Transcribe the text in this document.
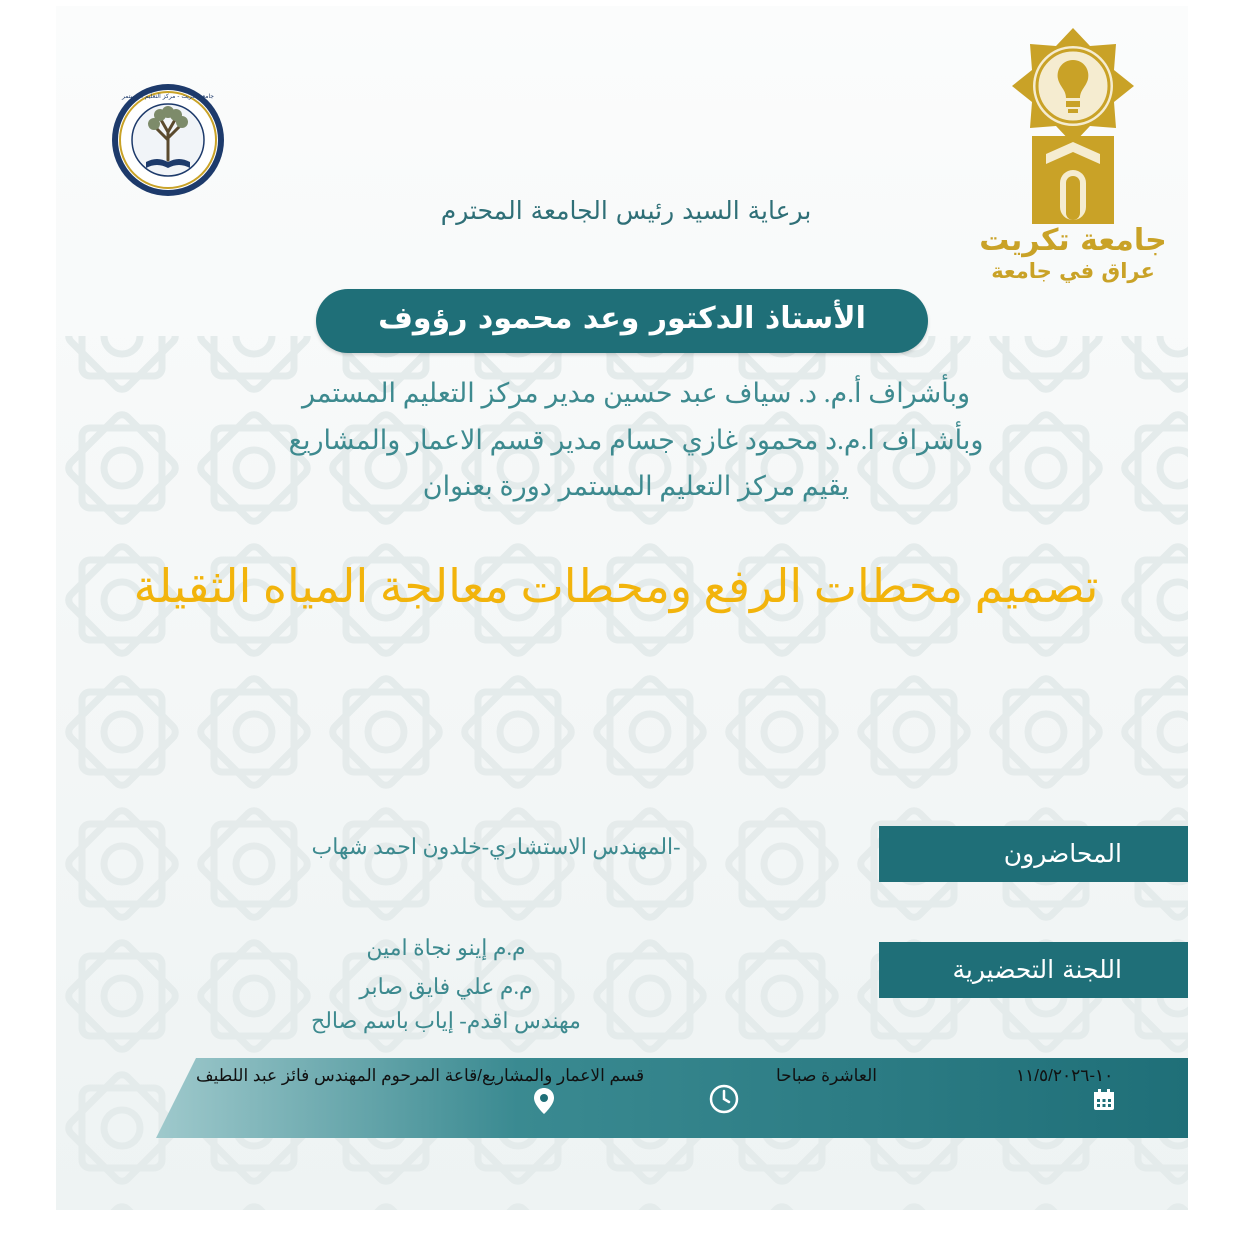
جامعة تكريت
عراق في جامعة
جامعة تكريت - مركز التعليم المستمر
برعاية السيد رئيس الجامعة المحترم
الأستاذ الدكتور وعد محمود رؤوف
وبأشراف أ.م. د. سياف عبد حسين مدير مركز التعليم المستمر
وبأشراف ا.م.د محمود غازي جسام مدير قسم الاعمار والمشاريع
يقيم مركز التعليم المستمر دورة بعنوان
تصميم محطات الرفع ومحطات معالجة المياه الثقيلة
المحاضرون
-المهندس الاستشاري-خلدون احمد شهاب
اللجنة التحضيرية
م.م إينو نجاة امين
م.م علي فايق صابر
مهندس اقدم- إياب باسم صالح
١٠-١١/٥/٢٠٢٦
العاشرة صباحا
قسم الاعمار والمشاريع/قاعة المرحوم المهندس فائز عبد اللطيف
